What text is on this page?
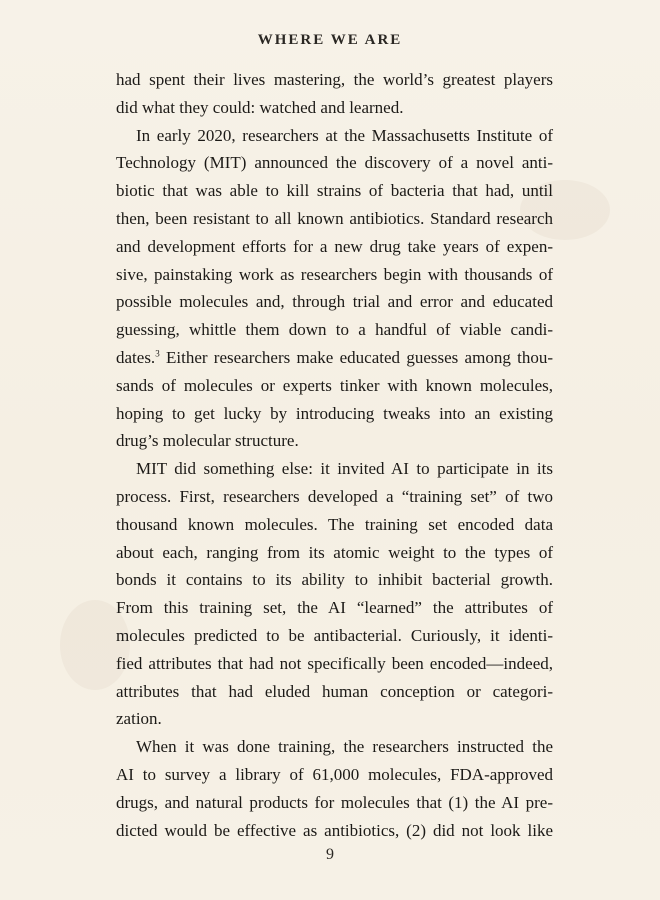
WHERE WE ARE
had spent their lives mastering, the world’s greatest players
did what they could: watched and learned.
In early 2020, researchers at the Massachusetts Institute of
Technology (MIT) announced the discovery of a novel anti-
biotic that was able to kill strains of bacteria that had, until
then, been resistant to all known antibiotics. Standard research
and development efforts for a new drug take years of expen-
sive, painstaking work as researchers begin with thousands of
possible molecules and, through trial and error and educated
guessing, whittle them down to a handful of viable candi-
dates.$^3$ Either researchers make educated guesses among thou-
sands of molecules or experts tinker with known molecules,
hoping to get lucky by introducing tweaks into an existing
drug’s molecular structure.
MIT did something else: it invited AI to participate in its
process. First, researchers developed a “training set” of two
thousand known molecules. The training set encoded data
about each, ranging from its atomic weight to the types of
bonds it contains to its ability to inhibit bacterial growth.
From this training set, the AI “learned” the attributes of
molecules predicted to be antibacterial. Curiously, it identi-
fied attributes that had not specifically been encoded—indeed,
attributes that had eluded human conception or categori-
zation.
When it was done training, the researchers instructed the
AI to survey a library of 61,000 molecules, FDA-approved
drugs, and natural products for molecules that (1) the AI pre-
dicted would be effective as antibiotics, (2) did not look like
9
